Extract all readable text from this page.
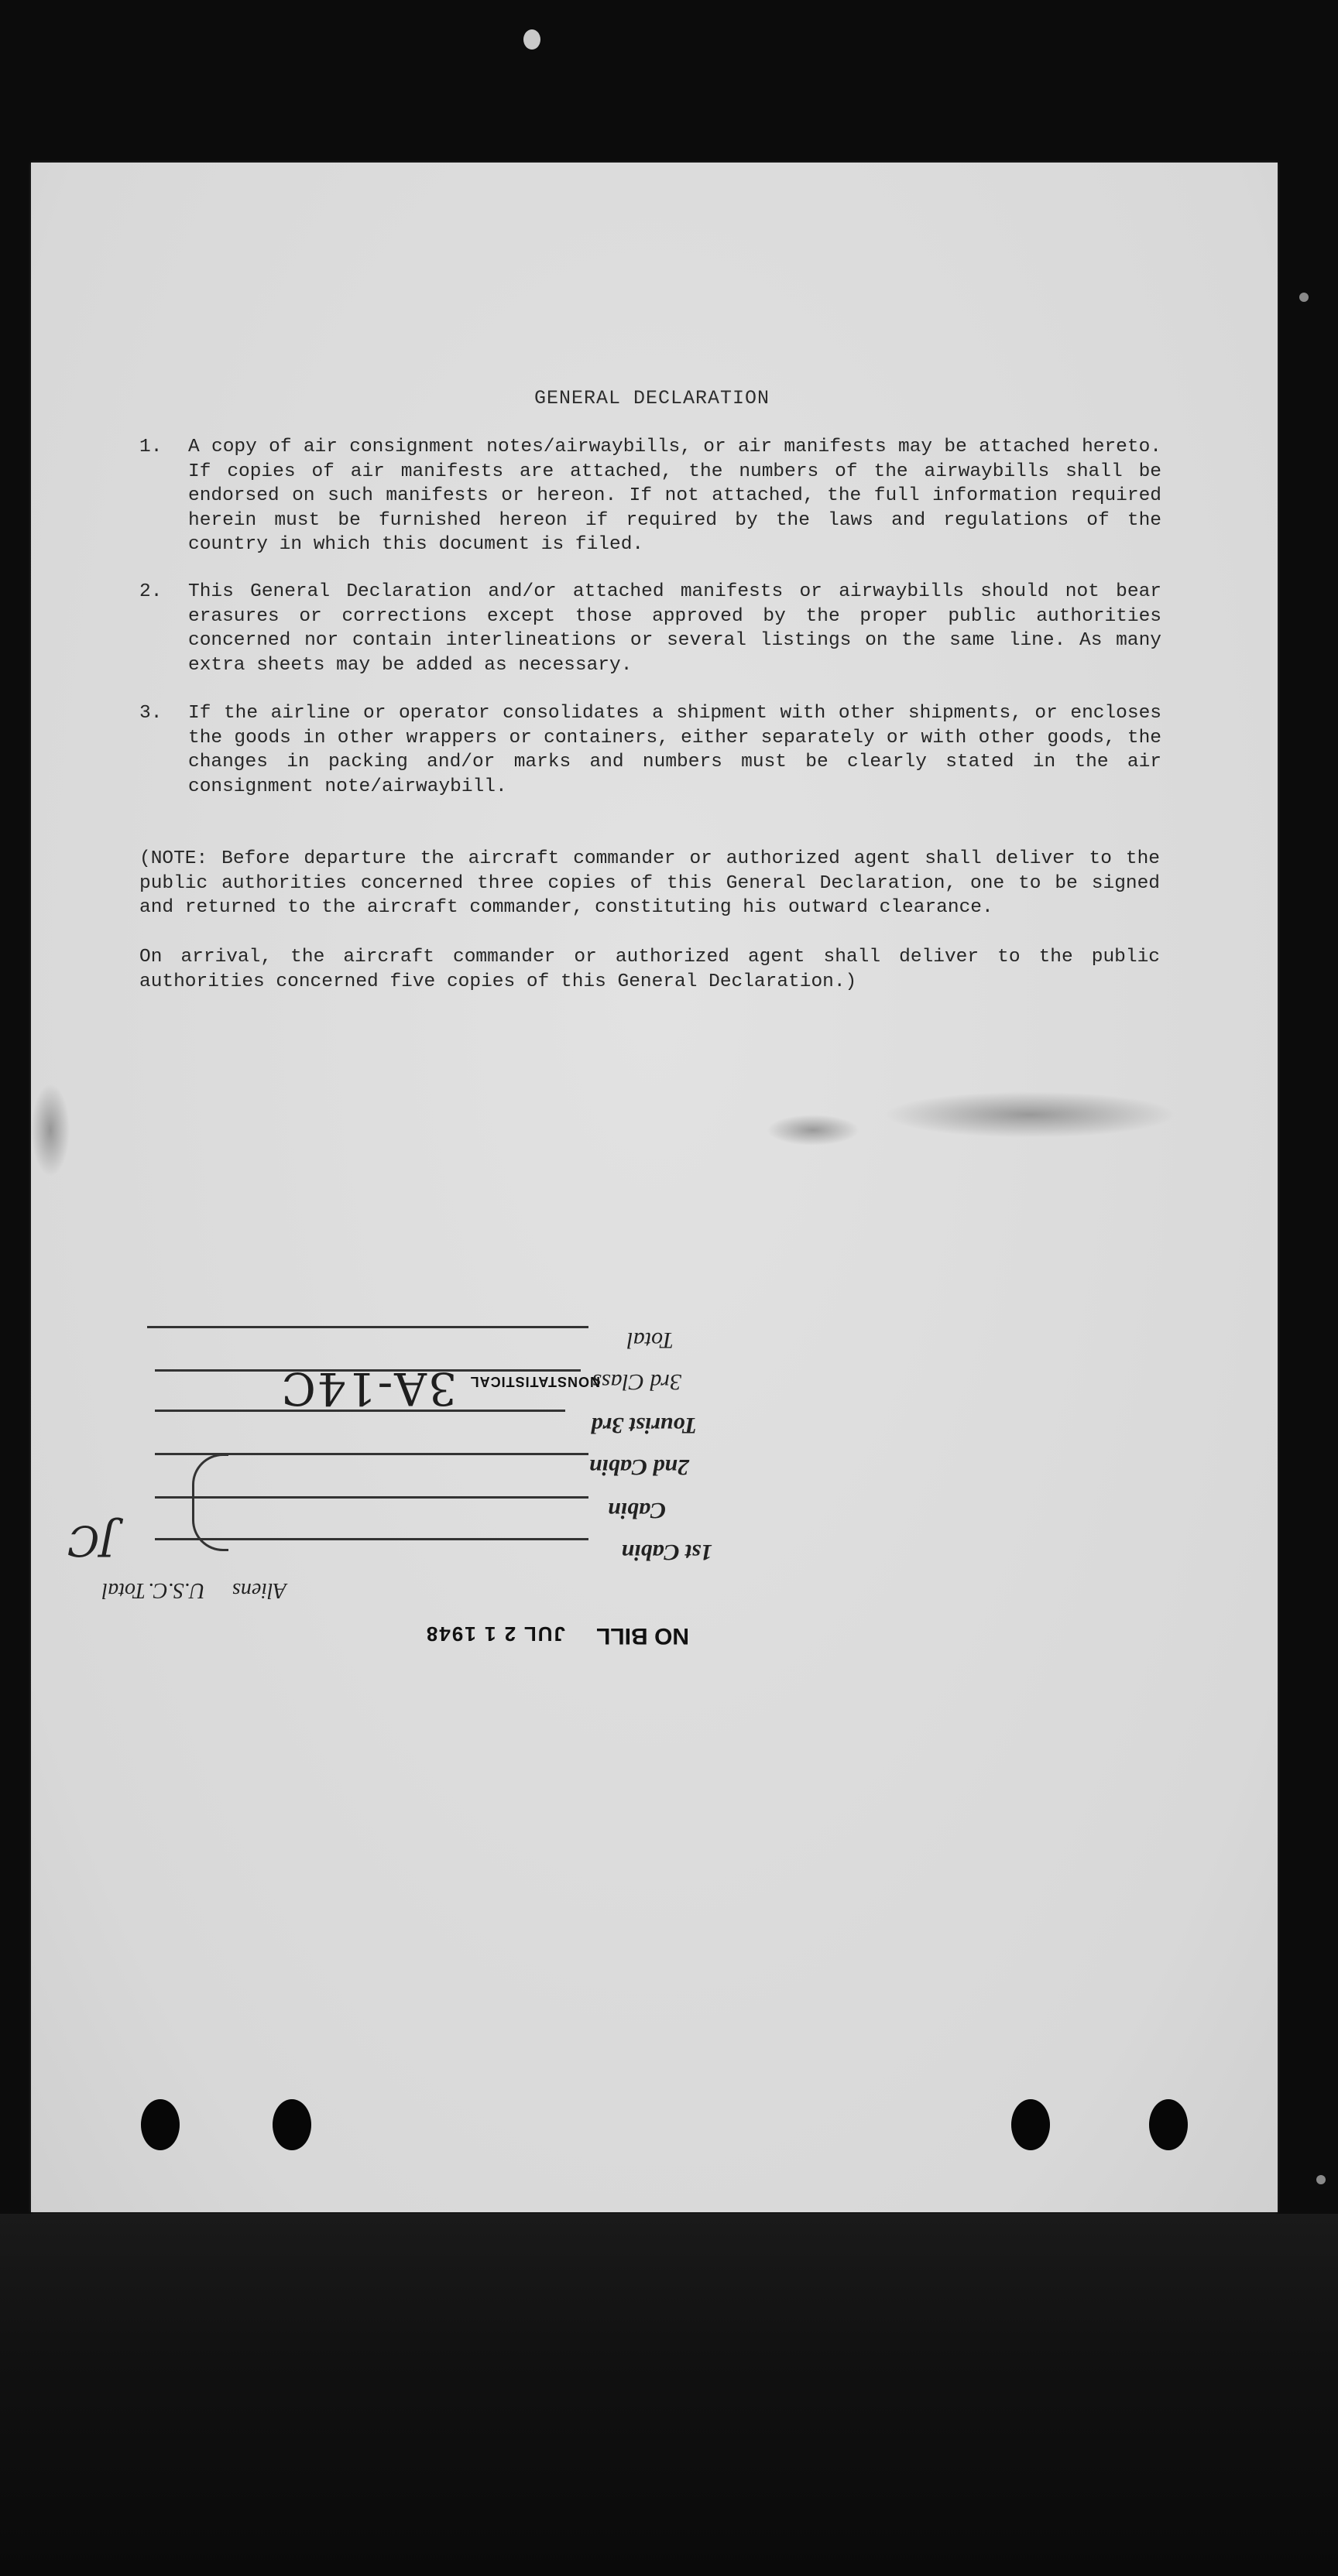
GENERAL DECLARATION
1.	A copy of air consignment notes/airwaybills, or air manifests may be attached hereto. If copies of air manifests are attached, the numbers of the airwaybills shall be endorsed on such manifests or hereon. If not attached, the full information required herein must be furnished hereon if required by the laws and regulations of the country in which this document is filed.
2.	This General Declaration and/or attached manifests or airwaybills should not bear erasures or corrections except those approved by the proper public authorities concerned nor contain interlineations or several listings on the same line. As many extra sheets may be added as necessary.
3.	If the airline or operator consolidates a shipment with other shipments, or encloses the goods in other wrappers or containers, either separately or with other goods, the changes in packing and/or marks and numbers must be clearly stated in the air consignment note/airwaybill.
(NOTE: Before departure the aircraft commander or authorized agent shall deliver to the public authorities concerned three copies of this General Declaration, one to be signed and returned to the aircraft commander, constituting his outward clearance.
On arrival, the aircraft commander or authorized agent shall deliver to the public authorities concerned five copies of this General Declaration.)
NO BILL
JUL 2 1 1948
Aliens
U.S.C.
Total
1st Cabin
Cabin
2nd Cabin
Tourist 3rd
3rd Class
Total
JC
NONSTATISTICAL
3A-14C
